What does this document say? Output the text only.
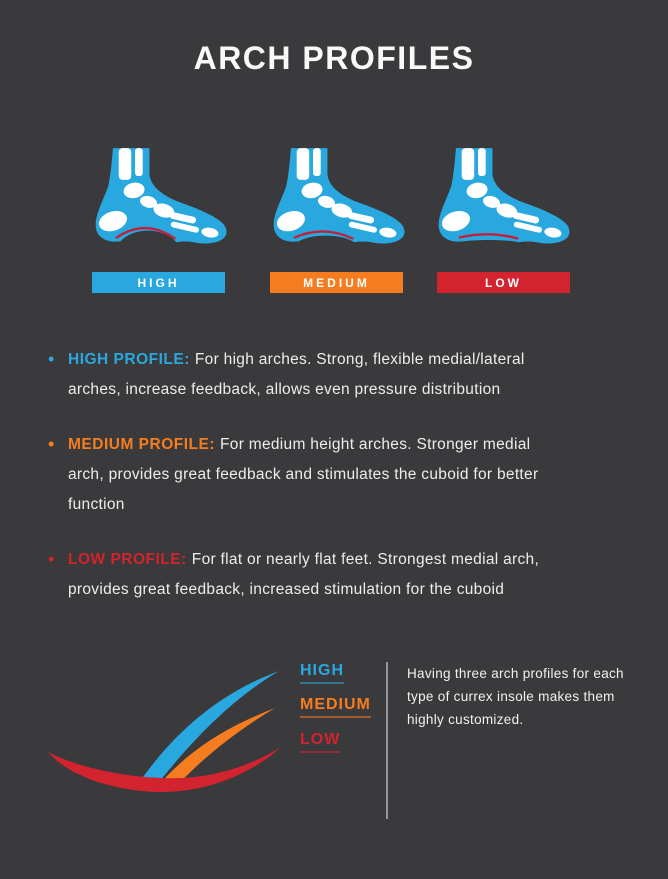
ARCH PROFILES
HIGH	MEDIUM	LOW
• HIGH PROFILE: For high arches. Strong, flexible medial/lateral arches, increase feedback, allows even pressure distribution
• MEDIUM PROFILE: For medium height arches. Stronger medial arch, provides great feedback and stimulates the cuboid for better function
• LOW PROFILE: For flat or nearly flat feet. Strongest medial arch, provides great feedback, increased stimulation for the cuboid
HIGH
MEDIUM
LOW
Having three arch profiles for each type of currex insole makes them highly customized.
